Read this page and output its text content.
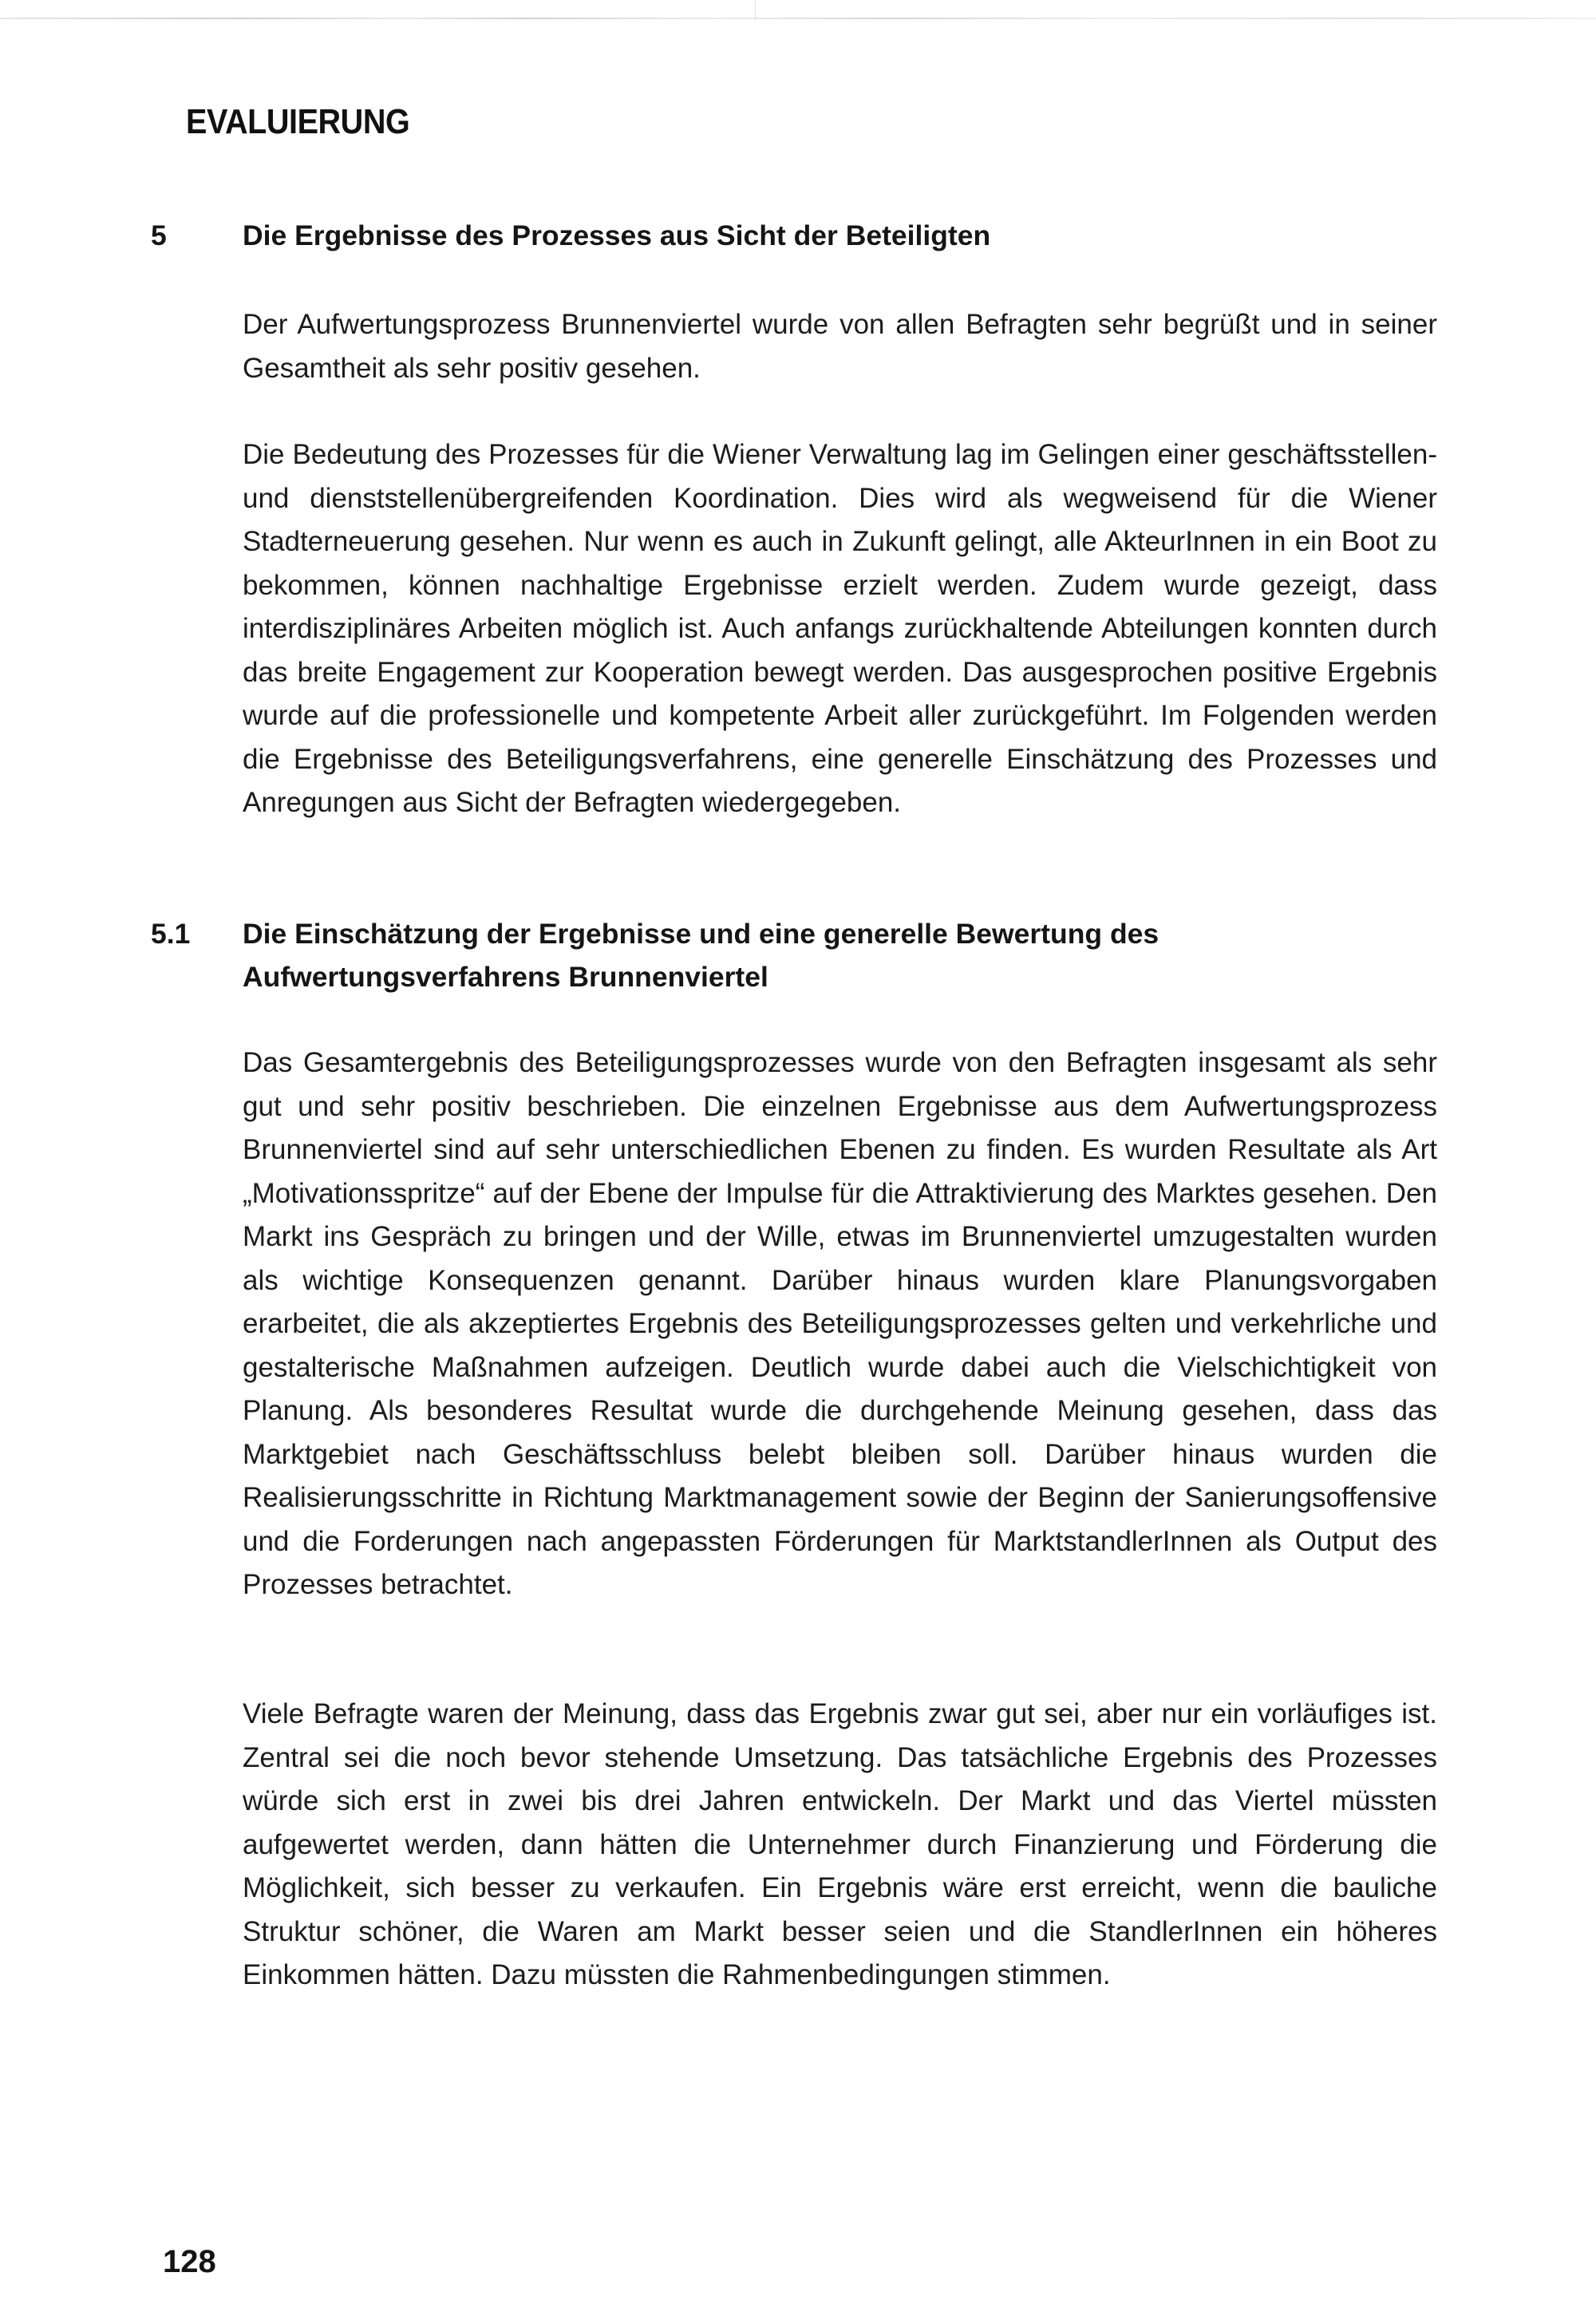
EVALUIERUNG
5	Die Ergebnisse des Prozesses aus Sicht der Beteiligten

Der Aufwertungsprozess Brunnenviertel wurde von allen Befragten sehr begrüßt und in seiner Gesamtheit als sehr positiv gesehen.

Die Bedeutung des Prozesses für die Wiener Verwaltung lag im Gelingen einer geschäftsstellen- und dienststellenübergreifenden Koordination. Dies wird als wegweisend für die Wiener Stadterneuerung gesehen. Nur wenn es auch in Zukunft gelingt, alle AkteurInnen in ein Boot zu bekommen, können nachhaltige Ergebnisse erzielt werden. Zudem wurde gezeigt, dass interdisziplinäres Arbeiten möglich ist. Auch anfangs zurückhaltende Abteilungen konnten durch das breite Engagement zur Kooperation bewegt werden. Das ausgesprochen positive Ergebnis wurde auf die professionelle und kompetente Arbeit aller zurückgeführt. Im Folgenden werden die Ergebnisse des Beteiligungsverfahrens, eine generelle Einschätzung des Prozesses und Anregungen aus Sicht der Befragten wiedergegeben.

5.1	Die Einschätzung der Ergebnisse und eine generelle Bewertung des Aufwertungsverfahrens Brunnenviertel

Das Gesamtergebnis des Beteiligungsprozesses wurde von den Befragten insgesamt als sehr gut und sehr positiv beschrieben. Die einzelnen Ergebnisse aus dem Aufwertungsprozess Brunnenviertel sind auf sehr unterschiedlichen Ebenen zu finden. Es wurden Resultate als Art „Motivationsspritze“ auf der Ebene der Impulse für die Attraktivierung des Marktes gesehen. Den Markt ins Gespräch zu bringen und der Wille, etwas im Brunnenviertel umzugestalten wurden als wichtige Konsequenzen genannt. Darüber hinaus wurden klare Planungsvorgaben erarbeitet, die als akzeptiertes Ergebnis des Beteiligungsprozesses gelten und verkehrliche und gestalterische Maßnahmen aufzeigen. Deutlich wurde dabei auch die Vielschichtigkeit von Planung. Als besonderes Resultat wurde die durchgehende Meinung gesehen, dass das Marktgebiet nach Geschäftsschluss belebt bleiben soll. Darüber hinaus wurden die Realisierungsschritte in Richtung Marktmanagement sowie der Beginn der Sanierungsoffensive und die Forderungen nach angepassten Förderungen für MarktstandlerInnen als Output des Prozesses betrachtet.

Viele Befragte waren der Meinung, dass das Ergebnis zwar gut sei, aber nur ein vorläufiges ist. Zentral sei die noch bevor stehende Umsetzung. Das tatsächliche Ergebnis des Prozesses würde sich erst in zwei bis drei Jahren entwickeln. Der Markt und das Viertel müssten aufgewertet werden, dann hätten die Unternehmer durch Finanzierung und Förderung die Möglichkeit, sich besser zu verkaufen. Ein Ergebnis wäre erst erreicht, wenn die bauliche Struktur schöner, die Waren am Markt besser seien und die StandlerInnen ein höheres Einkommen hätten. Dazu müssten die Rahmenbedingungen stimmen.

128
